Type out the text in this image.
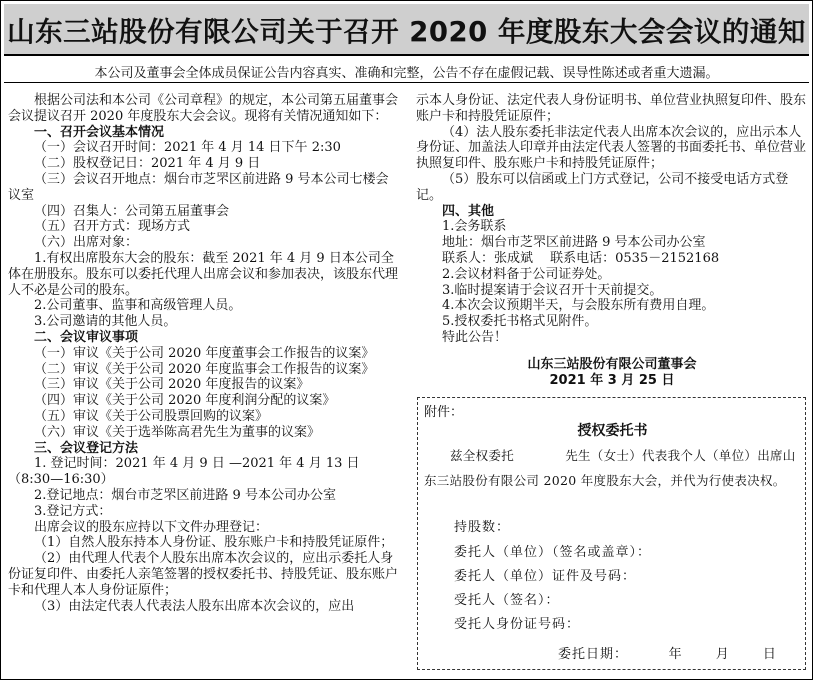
山东三站股份有限公司关于召开 2020 年度股东大会会议的通知
本公司及董事会全体成员保证公告内容真实、准确和完整，公告不存在虚假记载、误导性陈述或者重大遗漏。

根据公司法和本公司《公司章程》的规定，本公司第五届董事会会议提议召开 2020 年度股东大会会议。现将有关情况通知如下：

一、召开会议基本情况

（一）会议召开时间：2021 年 4 月 14 日下午 2:30

（二）股权登记日：2021 年 4 月 9 日

（三）会议召开地点：烟台市芝罘区前进路 9 号本公司七楼会议室

（四）召集人：公司第五届董事会

（五）召开方式：现场方式

（六）出席对象：

1.有权出席股东大会的股东：截至 2021 年 4 月 9 日本公司全体在册股东。股东可以委托代理人出席会议和参加表决，该股东代理人不必是公司的股东。

2.公司董事、监事和高级管理人员。

3.公司邀请的其他人员。

二、会议审议事项

（一）审议《关于公司 2020 年度董事会工作报告的议案》

（二）审议《关于公司 2020 年度监事会工作报告的议案》

（三）审议《关于公司 2020 年度报告的议案》

（四）审议《关于公司 2020 年度利润分配的议案》

（五）审议《关于公司股票回购的议案》

（六）审议《关于选举陈高君先生为董事的议案》

三、会议登记方法

1. 登记时间：2021 年 4 月 9 日 —2021 年 4 月 13 日（8:30—16:30）

2.登记地点：烟台市芝罘区前进路 9 号本公司办公室

3.登记方式：

出席会议的股东应持以下文件办理登记：

（1）自然人股东持本人身份证、股东账户卡和持股凭证原件；

（2）由代理人代表个人股东出席本次会议的，应出示委托人身份证复印件、由委托人亲笔签署的授权委托书、持股凭证、股东账户卡和代理人本人身份证原件；

（3）由法定代表人代表法人股东出席本次会议的，应出

示本人身份证、法定代表人身份证明书、单位营业执照复印件、股东账户卡和持股凭证原件；

（4）法人股东委托非法定代表人出席本次会议的，应出示本人身份证、加盖法人印章并由法定代表人签署的书面委托书、单位营业执照复印件、股东账户卡和持股凭证原件；

（5）股东可以信函或上门方式登记，公司不接受电话方式登记。

四、其他

1.会务联系

地址：烟台市芝罘区前进路 9 号本公司办公室

联系人：张成斌　 联系电话：0535－2152168

2.会议材料备于公司证券处。

3.临时提案请于会议召开十天前提交。

4.本次会议预期半天，与会股东所有费用自理。

5.授权委托书格式见附件。

特此公告！

山东三站股份有限公司董事会

2021 年 3 月 25 日

附件：
授权委托书
兹全权委托　　　　先生（女士）代表我个人（单位）出席山东三站股份有限公司 2020 年度股东大会，并代为行使表决权。
持股数：
委托人（单位）（签名或盖章）：
委托人（单位）证件及号码：
受托人（签名）：
受托人身份证号码：
委托日期：　　　 年　　 月　　 日
